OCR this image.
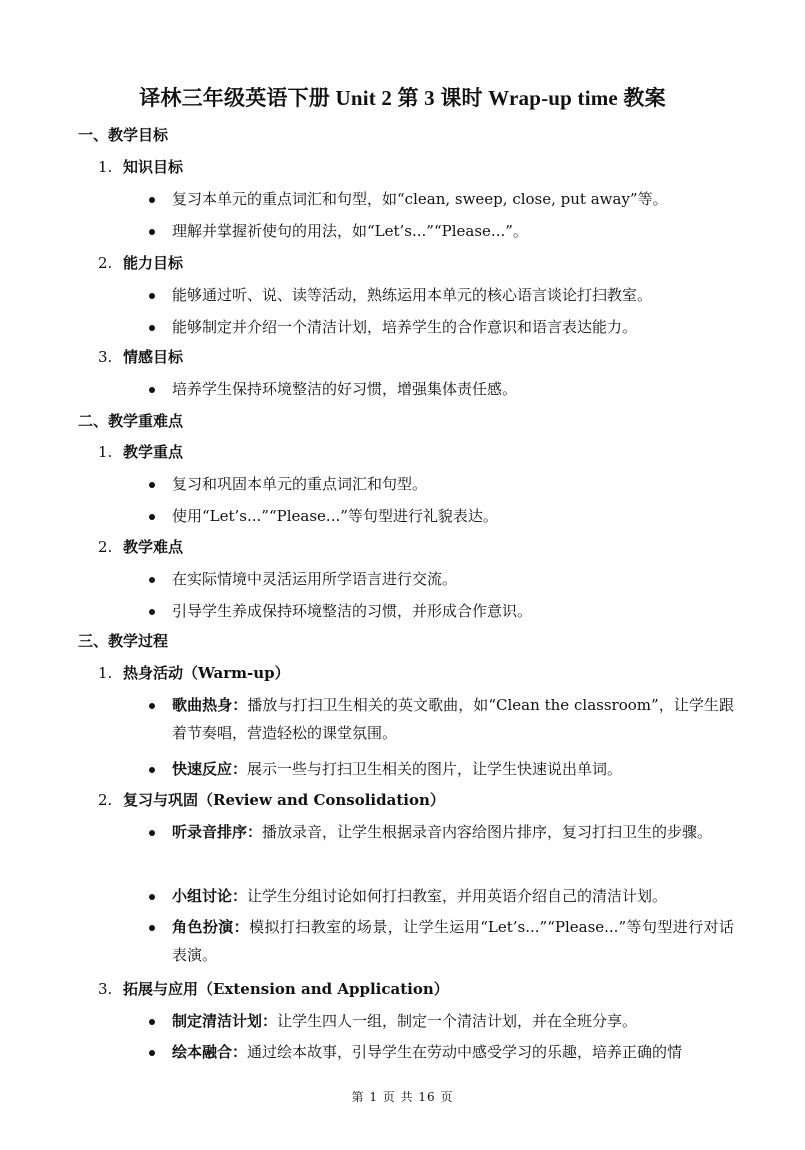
译林三年级英语下册 Unit 2 第 3 课时 Wrap-up time 教案
一、教学目标
1. 知识目标
复习本单元的重点词汇和句型，如“clean, sweep, close, put away”等。
理解并掌握祈使句的用法，如“Let’s...”“Please...”。
2. 能力目标
能够通过听、说、读等活动，熟练运用本单元的核心语言谈论打扫教室。
能够制定并介绍一个清洁计划，培养学生的合作意识和语言表达能力。
3. 情感目标
培养学生保持环境整洁的好习惯，增强集体责任感。
二、教学重难点
1. 教学重点
复习和巩固本单元的重点词汇和句型。
使用“Let’s...”“Please...”等句型进行礼貌表达。
2. 教学难点
在实际情境中灵活运用所学语言进行交流。
引导学生养成保持环境整洁的习惯，并形成合作意识。
三、教学过程
1. 热身活动（Warm-up）
歌曲热身：播放与打扫卫生相关的英文歌曲，如“Clean the classroom”，让学生跟着节奏唱，营造轻松的课堂氛围。
快速反应：展示一些与打扫卫生相关的图片，让学生快速说出单词。
2. 复习与巩固（Review and Consolidation）
听录音排序：播放录音，让学生根据录音内容给图片排序，复习打扫卫生的步骤。
小组讨论：让学生分组讨论如何打扫教室，并用英语介绍自己的清洁计划。
角色扮演：模拟打扫教室的场景，让学生运用“Let’s...”“Please...”等句型进行对话表演。
3. 拓展与应用（Extension and Application）
制定清洁计划：让学生四人一组，制定一个清洁计划，并在全班分享。
绘本融合：通过绘本故事，引导学生在劳动中感受学习的乐趣，培养正确的情
第 1 页 共 16 页
